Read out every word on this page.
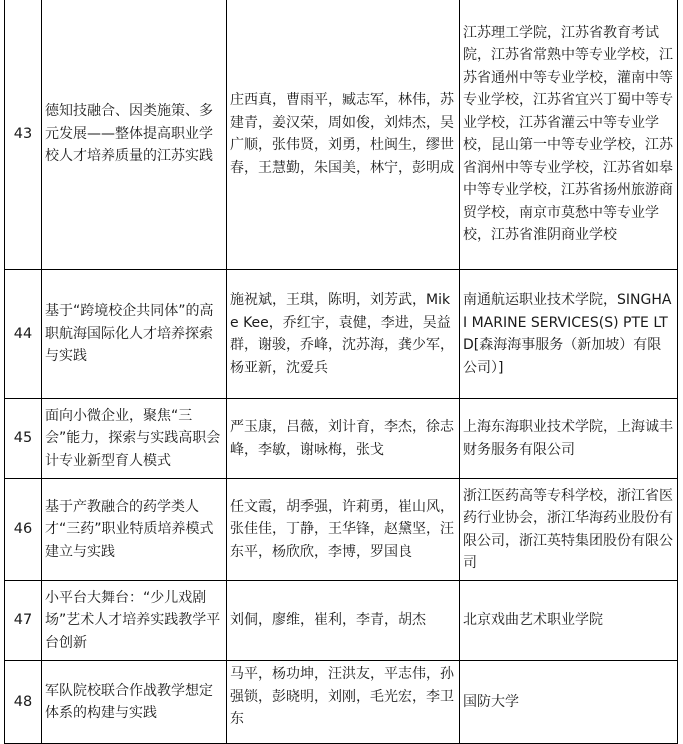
43	德知技融合、因类施策、多元发展——整体提高职业学校人才培养质量的江苏实践	庄西真，曹雨平，臧志军，林伟，苏建青，姜汉荣，周如俊，刘炜杰，吴广顺，张伟贤，刘勇，杜闽生，缪世春，王慧勤，朱国美，林宁，彭明成	江苏理工学院，江苏省教育考试院，江苏省常熟中等专业学校，江苏省通州中等专业学校，灌南中等专业学校，江苏省宜兴丁蜀中等专业学校，江苏省灌云中等专业学校，昆山第一中等专业学校，江苏省润州中等专业学校，江苏省如皋中等专业学校，江苏省扬州旅游商贸学校，南京市莫愁中等专业学校，江苏省淮阴商业学校
44	基于“跨境校企共同体”的高职航海国际化人才培养探索与实践	施祝斌，王琪，陈明，刘芳武，Mike Kee，乔红宇，袁健，李进，吴益群，谢骏，乔峰，沈苏海，龚少军，杨亚新，沈爱兵	南通航运职业技术学院，SINGHAI MARINE SERVICES(S) PTE LTD[森海海事服务（新加坡）有限公司）]
45	面向小微企业，聚焦“三会”能力，探索与实践高职会计专业新型育人模式	严玉康，吕薇，刘计育，李杰，徐志峰，李敏，谢咏梅，张戈	上海东海职业技术学院，上海诚丰财务服务有限公司
46	基于产教融合的药学类人才“三药”职业特质培养模式建立与实践	任文霞，胡季强，许莉勇，崔山风，张佳佳，丁静，王华锋，赵黛坚，汪东平，杨欣欣，李博，罗国良	浙江医药高等专科学校，浙江省医药行业协会，浙江华海药业股份有限公司，浙江英特集团股份有限公司
47	小平台大舞台：“少儿戏剧场”艺术人才培养实践教学平台创新	刘侗，廖维，崔利，李青，胡杰	北京戏曲艺术职业学院
48	军队院校联合作战教学想定体系的构建与实践	马平，杨功坤，汪洪友，平志伟，孙强锁，彭晓明，刘刚，毛光宏，李卫东	国防大学
